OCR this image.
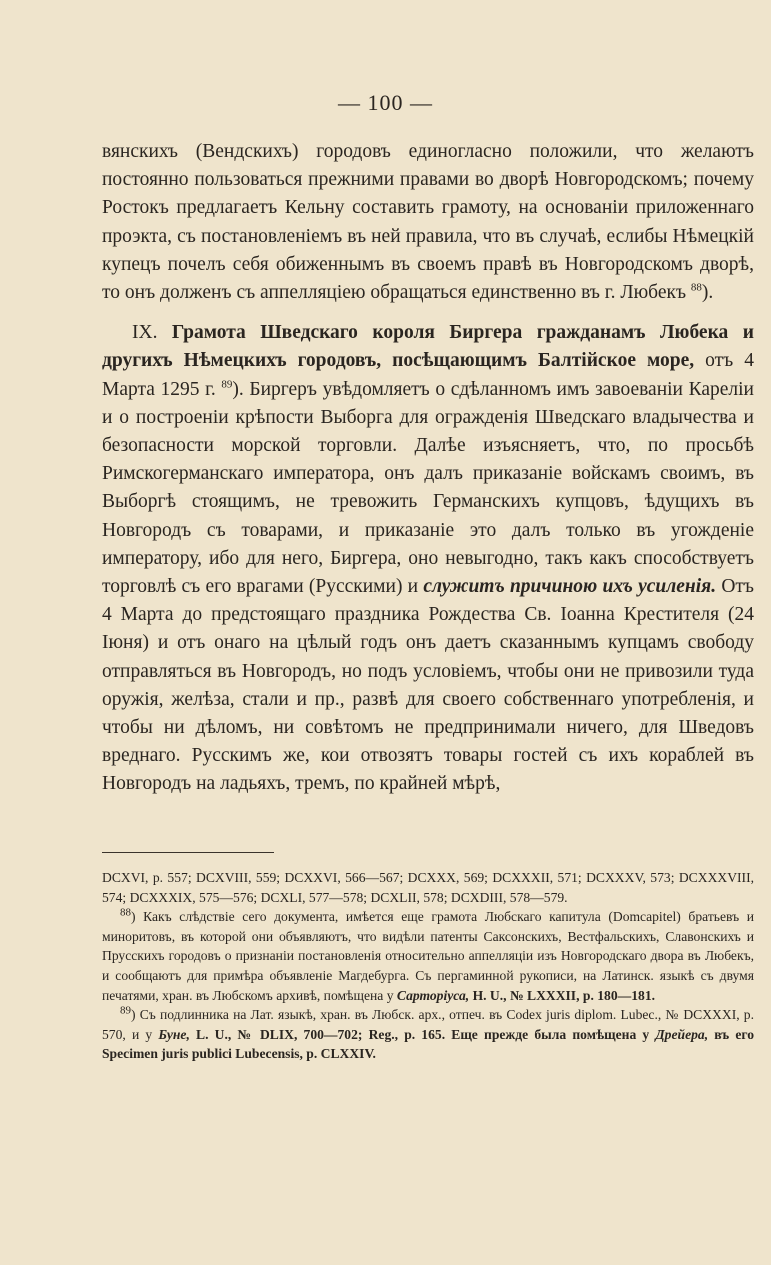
— 100 —

вянскихъ (Вендскихъ) городовъ единогласно положили, что желаютъ постоянно пользоваться прежними правами во дворѣ Новгородскомъ; почему Ростокъ предлагаетъ Кельну составить грамоту, на основаніи приложеннаго проэкта, съ постановленіемъ въ ней правила, что въ случаѣ, еслибы Нѣмецкій купецъ почелъ себя обиженнымъ въ своемъ правѣ въ Новгородскомъ дворѣ, то онъ долженъ съ аппелляціею обращаться единственно въ г. Любекъ $^{88}$).

IX. Грамота Шведскаго короля Биргера гражданамъ Любека и другихъ Нѣмецкихъ городовъ, посѣщающимъ Балтійское море, отъ 4 Марта 1295 г. $^{89}$). Биргеръ увѣдомляетъ о сдѣланномъ имъ завоеваніи Кареліи и о построеніи крѣпости Выборга для огражденія Шведскаго владычества и безопасности морской торговли. Далѣе изъясняетъ, что, по просьбѣ Римскогерманскаго императора, онъ далъ приказаніе войскамъ своимъ, въ Выборгѣ стоящимъ, не тревожить Германскихъ купцовъ, ѣдущихъ въ Новгородъ съ товарами, и приказаніе это далъ только въ угожденіе императору, ибо для него, Биргера, оно невыгодно, такъ какъ способствуетъ торговлѣ съ его врагами (Русскими) и служитъ причиною ихъ усиленія. Отъ 4 Марта до предстоящаго праздника Рождества Св. Іоанна Крестителя (24 Іюня) и отъ онаго на цѣлый годъ онъ даетъ сказаннымъ купцамъ свободу отправляться въ Новгородъ, но подъ условіемъ, чтобы они не привозили туда оружія, желѣза, стали и пр., развѣ для своего собственнаго употребленія, и чтобы ни дѣломъ, ни совѣтомъ не предпринимали ничего, для Шведовъ вреднаго. Русскимъ же, кои отвозятъ товары гостей съ ихъ кораблей въ Новгородъ на ладьяхъ, тремъ, по крайней мѣрѣ,

DCXVI, p. 557; DCXVIII, 559; DCXXVI, 566—567; DCXXX, 569; DCXXXII, 571; DCXXXV, 573; DCXXXVIII, 574; DCXXXIX, 575—576; DCXLI, 577—578; DCXLII, 578; DCXDIII, 578—579.

$^{88}$) Какъ слѣдствіе сего документа, имѣется еще грамота Любскаго капитула (Domcapitel) братьевъ и миноритовъ, въ которой они объявляютъ, что видѣли патенты Саксонскихъ, Вестфальскихъ, Славонскихъ и Прусскихъ городовъ о признаніи постановленія относительно аппелляціи изъ Новгородскаго двора въ Любекъ, и сообщаютъ для примѣра объявленіе Магдебурга. Съ пергаминной рукописи, на Латинск. языкѣ съ двумя печатями, хран. въ Любскомъ архивѣ, помѣщена у Сарторіуса, Н. U., № LXXXII, p. 180—181.

$^{89}$) Съ подлинника на Лат. языкѣ, хран. въ Любск. арх., отпеч. въ Codex juris diplom. Lubec., № DCXXXI, p. 570, и у Буне, L. U., № DLIX, 700—702; Reg., p. 165. Еще прежде была помѣщена у Дрейера, въ его Specimen juris publici Lubecensis, p. CLXXIV.
